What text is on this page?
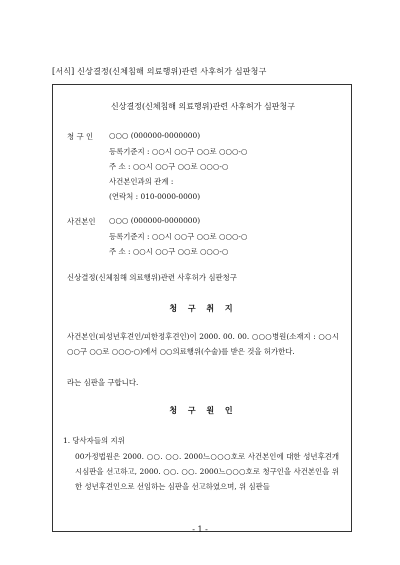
[서식] 신상결정(신체침해 의료행위)관련 사후허가 심판청구
신상결정(신체침해 의료행위)관련 사후허가 심판청구
청 구 인 ○○○ (000000-0000000)
등록기준지 : ○○시 ○○구 ○○로 ○○○-○
주 소 : ○○시 ○○구 ○○로 ○○○-○
사건본인과의 관계 :
(연락처 : 010-0000-0000)
사건본인 ○○○ (000000-0000000)
등록기준지 : ○○시 ○○구 ○○로 ○○○-○
주 소 : ○○시 ○○구 ○○로 ○○○-○
신상결정(신체침해 의료행위)관련 사후허가 심판청구
청 구 취 지
사건본인(피성년후견인/피한정후견인)이 2000. 00. 00. ○○○병원(소재지 : ○○시 ○○구 ○○로 ○○○-○)에서 ○○의료행위(수술)를 받은 것을 허가한다.
라는 심판을 구합니다.
청 구 원 인
1. 당사자들의 지위
00가정법원은 2000. ○○. ○○. 2000느○○○호로 사건본인에 대한 성년후견개시심판을 선고하고, 2000. ○○. ○○. 2000느○○○호로 청구인을 사건본인을 위한 성년후견인으로 선임하는 심판을 선고하였으며, 위 심판들
- 1 -
